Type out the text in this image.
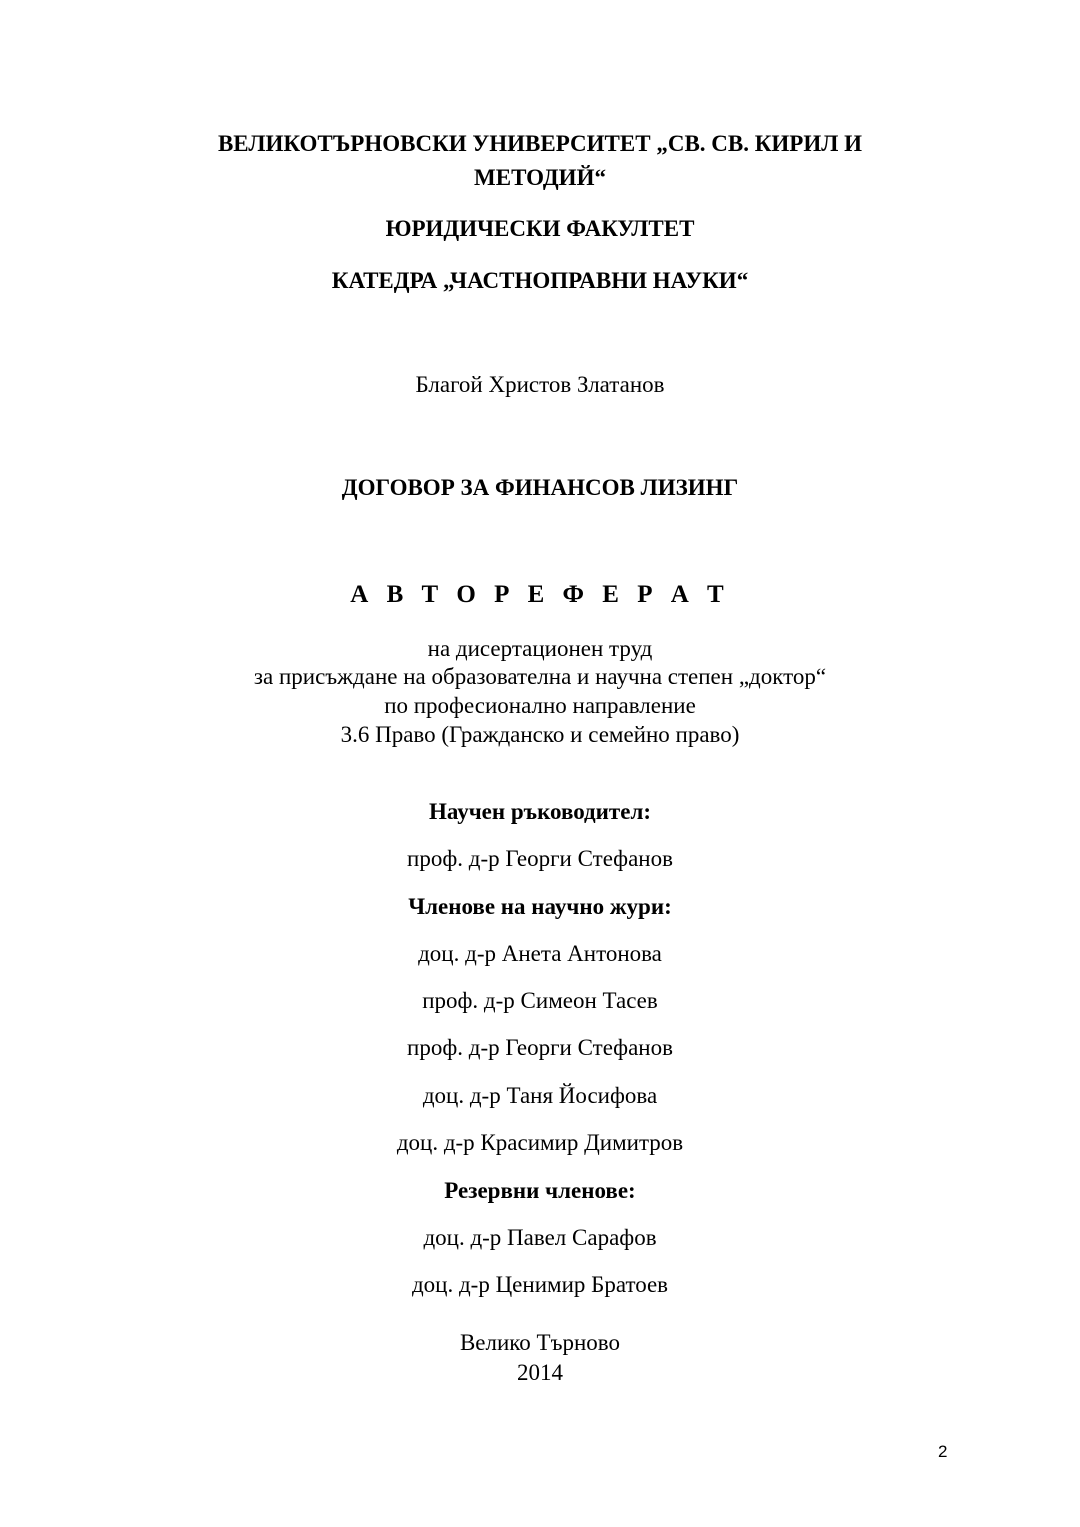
ВЕЛИКОТЪРНОВСКИ УНИВЕРСИТЕТ „СВ. СВ. КИРИЛ И
МЕТОДИЙ“
ЮРИДИЧЕСКИ ФАКУЛТЕТ
КАТЕДРА „ЧАСТНОПРАВНИ НАУКИ“
Благой Христов Златанов
ДОГОВОР ЗА ФИНАНСОВ ЛИЗИНГ
А В Т О Р Е Ф Е Р А Т
на дисертационен труд
за присъждане на образователна и научна степен „доктор“
по професионално направление
3.6 Право (Гражданско и семейно право)
Научен ръководител:
проф. д-р Георги Стефанов
Членове на научно жури:
доц. д-р Анета Антонова
проф. д-р Симеон Тасев
проф. д-р Георги Стефанов
доц. д-р Таня Йосифова
доц. д-р Красимир Димитров
Резервни членове:
доц. д-р Павел Сарафов
доц. д-р Ценимир Братоев
Велико Търново
2014
2
